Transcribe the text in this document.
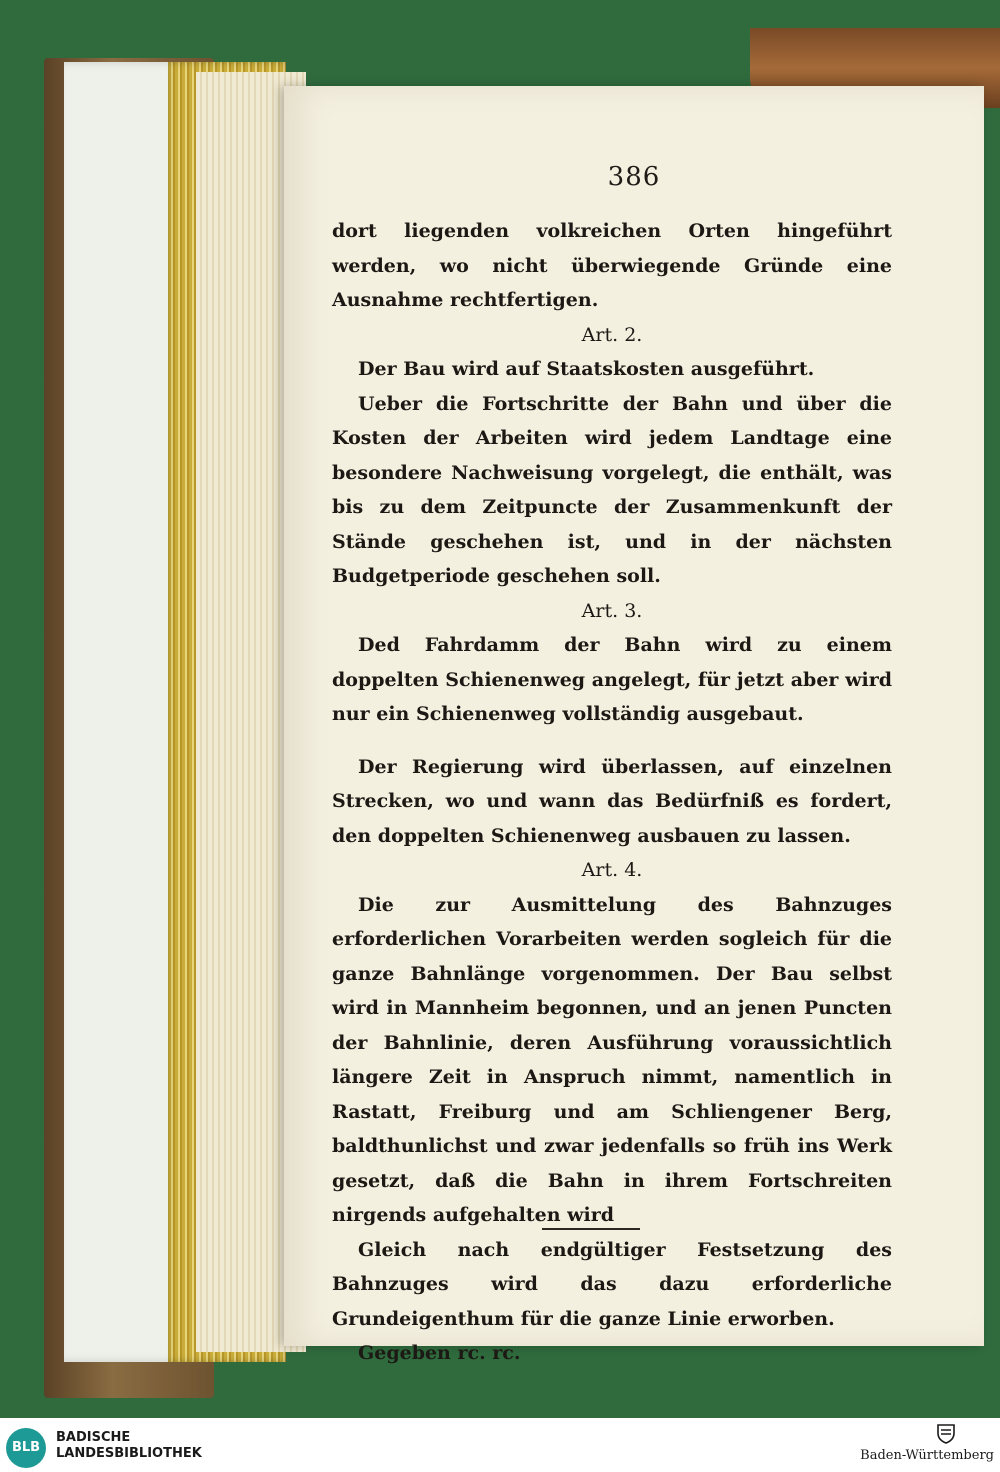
386

dort liegenden volkreichen Orten hingeführt werden, wo nicht überwiegende Gründe eine Ausnahme rechtfertigen.

Art. 2.

Der Bau wird auf Staatskosten ausgeführt.

Ueber die Fortschritte der Bahn und über die Kosten der Arbeiten wird jedem Landtage eine besondere Nachweisung vorgelegt, die enthält, was bis zu dem Zeitpuncte der Zusammenkunft der Stände geschehen ist, und in der nächsten Budgetperiode geschehen soll.

Art. 3.

Ded Fahrdamm der Bahn wird zu einem doppelten Schienenweg angelegt, für jetzt aber wird nur ein Schienenweg vollständig ausgebaut.

Der Regierung wird überlassen, auf einzelnen Strecken, wo und wann das Bedürfniß es fordert, den doppelten Schienenweg ausbauen zu lassen.

Art. 4.

Die zur Ausmittelung des Bahnzuges erforderlichen Vorarbeiten werden sogleich für die ganze Bahnlänge vorgenommen. Der Bau selbst wird in Mannheim begonnen, und an jenen Puncten der Bahnlinie, deren Ausführung voraussichtlich längere Zeit in Anspruch nimmt, namentlich in Rastatt, Freiburg und am Schliengener Berg, baldthunlichst und zwar jedenfalls so früh ins Werk gesetzt, daß die Bahn in ihrem Fortschreiten nirgends aufgehalten wird

Gleich nach endgültiger Festsetzung des Bahnzuges wird das dazu erforderliche Grundeigenthum für die ganze Linie erworben.

Gegeben rc. rc.

BLB
BADISCHE
LANDESBIBLIOTHEK	Baden-Württemberg
